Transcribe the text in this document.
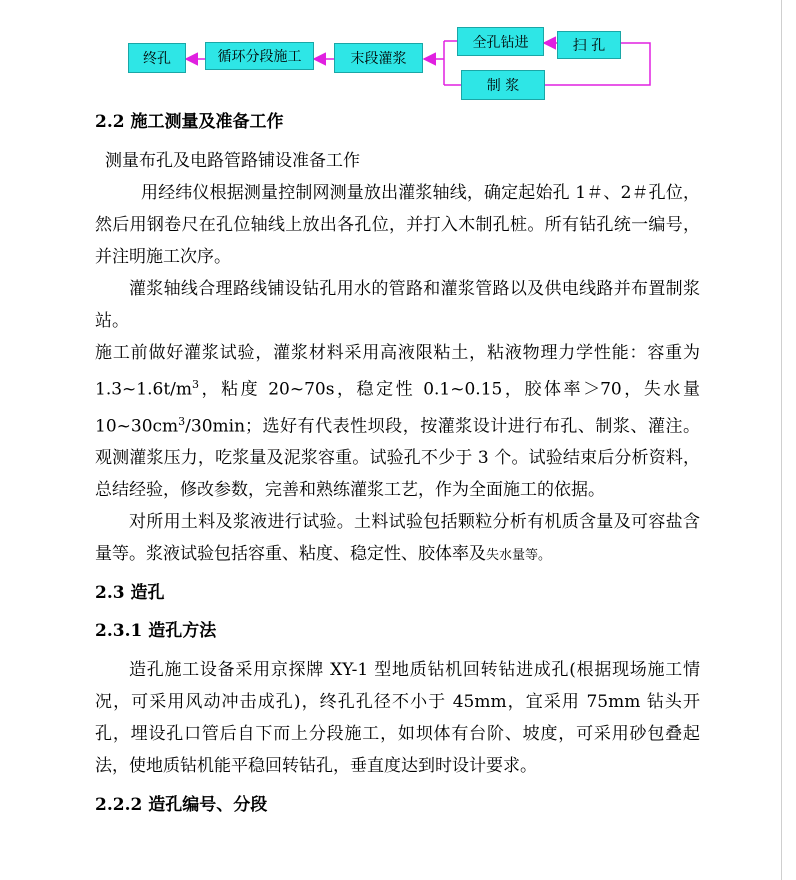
终孔	循环分段施工	末段灌浆
全孔钻进	扫 孔
制 浆

2.2 施工测量及准备工作

测量布孔及电路管路铺设准备工作

用经纬仪根据测量控制网测量放出灌浆轴线，确定起始孔 1＃、2＃孔位，然后用钢卷尺在孔位轴线上放出各孔位，并打入木制孔桩。所有钻孔统一编号，并注明施工次序。

灌浆轴线合理路线铺设钻孔用水的管路和灌浆管路以及供电线路并布置制浆站。

施工前做好灌浆试验，灌浆材料采用高液限粘土，粘液物理力学性能：容重为 $1.3\sim 1.6t/m^3$，粘度 20~70s，稳定性 0.1~0.15，胶体率＞70，失水量 $10\sim 30cm^3/30\min$；选好有代表性坝段，按灌浆设计进行布孔、制浆、灌注。观测灌浆压力，吃浆量及泥浆容重。试验孔不少于 3 个。试验结束后分析资料，总结经验，修改参数，完善和熟练灌浆工艺，作为全面施工的依据。

对所用土料及浆液进行试验。土料试验包括颗粒分析有机质含量及可容盐含量等。浆液试验包括容重、粘度、稳定性、胶体率及失水量等。

2.3 造孔

2.3.1 造孔方法

造孔施工设备采用京探牌 XY-1 型地质钻机回转钻进成孔(根据现场施工情况，可采用风动冲击成孔)，终孔孔径不小于 45mm，宜采用 75mm 钻头开孔，埋设孔口管后自下而上分段施工，如坝体有台阶、坡度，可采用砂包叠起法，使地质钻机能平稳回转钻孔，垂直度达到时设计要求。

2.2.2 造孔编号、分段
